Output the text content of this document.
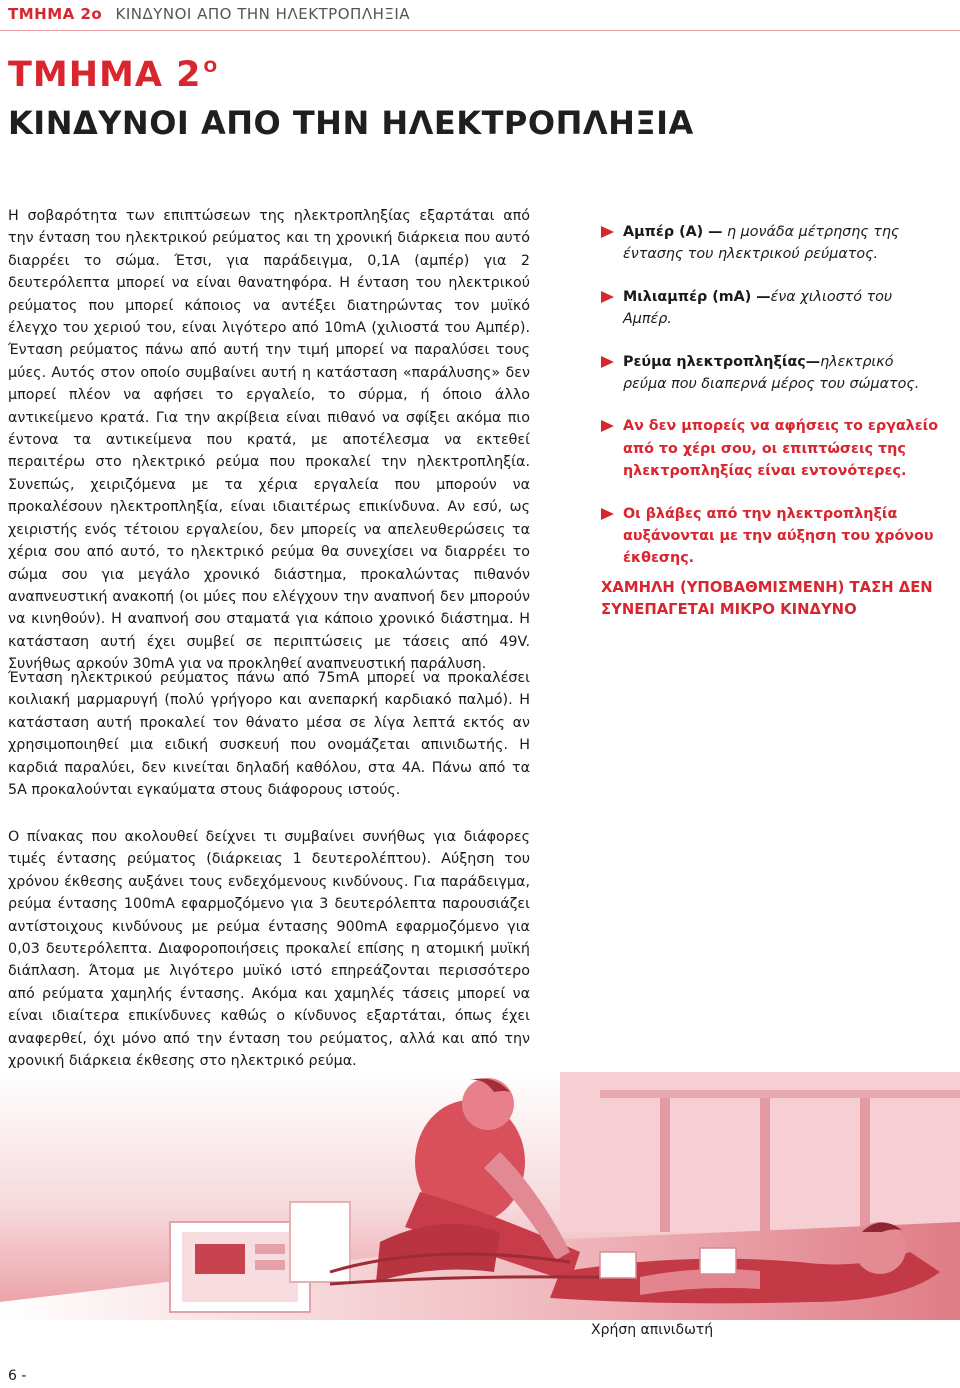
ΤΜΗΜΑ 2ο ΚΙΝΔΥΝΟΙ ΑΠΟ ΤΗΝ ΗΛΕΚΤΡΟΠΛΗΞΙΑ
ΤΜΗΜΑ 2 $^O$
ΚΙΝΔΥΝΟΙ ΑΠΟ ΤΗΝ ΗΛΕΚΤΡΟΠΛΗΞΙΑ

Η σοβαρότητα των επιπτώσεων της ηλεκτροπληξίας εξαρτάται από την ένταση του ηλεκτρικού ρεύματος και τη χρονική διάρκεια που αυτό διαρρέει το σώμα. Έτσι, για παράδειγμα, 0,1Α (αμπέρ) για 2 δευτερόλεπτα μπορεί να είναι θανατηφόρα. Η ένταση του ηλεκτρικού ρεύματος που μπορεί κάποιος να αντέξει διατηρώντας τον μυϊκό έλεγχο του χεριού του, είναι λιγότερο από 10mA (χιλιοστά του Αμπέρ). Ένταση ρεύματος πάνω από αυτή την τιμή μπορεί να παραλύσει τους μύες. Αυτός στον οποίο συμβαίνει αυτή η κατάσταση «παράλυσης» δεν μπορεί πλέον να αφήσει το εργαλείο, το σύρμα, ή όποιο άλλο αντικείμενο κρατά. Για την ακρίβεια είναι πιθανό να σφίξει ακόμα πιο έντονα τα αντικείμενα που κρατά, με αποτέλεσμα να εκτεθεί περαιτέρω στο ηλεκτρικό ρεύμα που προκαλεί την ηλεκτροπληξία. Συνεπώς, χειριζόμενα με τα χέρια εργαλεία που μπορούν να προκαλέσουν ηλεκτροπληξία, είναι ιδιαιτέρως επικίνδυνα. Αν εσύ, ως χειριστής ενός τέτοιου εργαλείου, δεν μπορείς να απελευθερώσεις τα χέρια σου από αυτό, το ηλεκτρικό ρεύμα θα συνεχίσει να διαρρέει το σώμα σου για μεγάλο χρονικό διάστημα, προκαλώντας πιθανόν αναπνευστική ανακοπή (οι μύες που ελέγχουν την αναπνοή δεν μπορούν να κινηθούν). Η αναπνοή σου σταματά για κάποιο χρονικό διάστημα. Η κατάσταση αυτή έχει συμβεί σε περιπτώσεις με τάσεις από 49V. Συνήθως αρκούν 30mA για να προκληθεί αναπνευστική παράλυση.

Ένταση ηλεκτρικού ρεύματος πάνω από 75mA μπορεί να προκαλέσει κοιλιακή μαρμαρυγή (πολύ γρήγορο και ανεπαρκή καρδιακό παλμό). Η κατάσταση αυτή προκαλεί τον θάνατο μέσα σε λίγα λεπτά εκτός αν χρησιμοποιηθεί μια ειδική συσκευή που ονομάζεται απινιδωτής. Η καρδιά παραλύει, δεν κινείται δηλαδή καθόλου, στα 4Α. Πάνω από τα 5Α προκαλούνται εγκαύματα στους διάφορους ιστούς.

Ο πίνακας που ακολουθεί δείχνει τι συμβαίνει συνήθως για διάφορες τιμές έντασης ρεύματος (διάρκειας 1 δευτερολέπτου). Αύξηση του χρόνου έκθεσης αυξάνει τους ενδεχόμενους κινδύνους. Για παράδειγμα, ρεύμα έντασης 100mA εφαρμοζόμενο για 3 δευτερόλεπτα παρουσιάζει αντίστοιχους κινδύνους με ρεύμα έντασης 900mA εφαρμοζόμενο για 0,03 δευτερόλεπτα. Διαφοροποιήσεις προκαλεί επίσης η ατομική μυϊκή διάπλαση. Άτομα με λιγότερο μυϊκό ιστό επηρεάζονται περισσότερο από ρεύματα χαμηλής έντασης. Ακόμα και χαμηλές τάσεις μπορεί να είναι ιδιαίτερα επικίνδυνες καθώς ο κίνδυνος εξαρτάται, όπως έχει αναφερθεί, όχι μόνο από την ένταση του ρεύματος, αλλά και από την χρονική διάρκεια έκθεσης στο ηλεκτρικό ρεύμα.

Αμπέρ (Α) — η μονάδα μέτρησης της έντασης του ηλεκτρικού ρεύματος.
Μιλιαμπέρ (mA) —ένα χιλιοστό του Αμπέρ.
Ρεύμα ηλεκτροπληξίας—ηλεκτρικό ρεύμα που διαπερνά μέρος του σώματος.
Αν δεν μπορείς να αφήσεις το εργαλείο από το χέρι σου, οι επιπτώσεις της ηλεκτροπληξίας είναι εντονότερες.
Οι βλάβες από την ηλεκτροπληξία αυξάνονται με την αύξηση του χρόνου έκθεσης.
ΧΑΜΗΛΗ (ΥΠΟΒΑΘΜΙΣΜΕΝΗ) ΤΑΣΗ ΔΕΝ ΣΥΝΕΠΑΓΕΤΑΙ ΜΙΚΡΟ ΚΙΝΔΥΝΟ
Χρήση απινιδωτή
6 -
